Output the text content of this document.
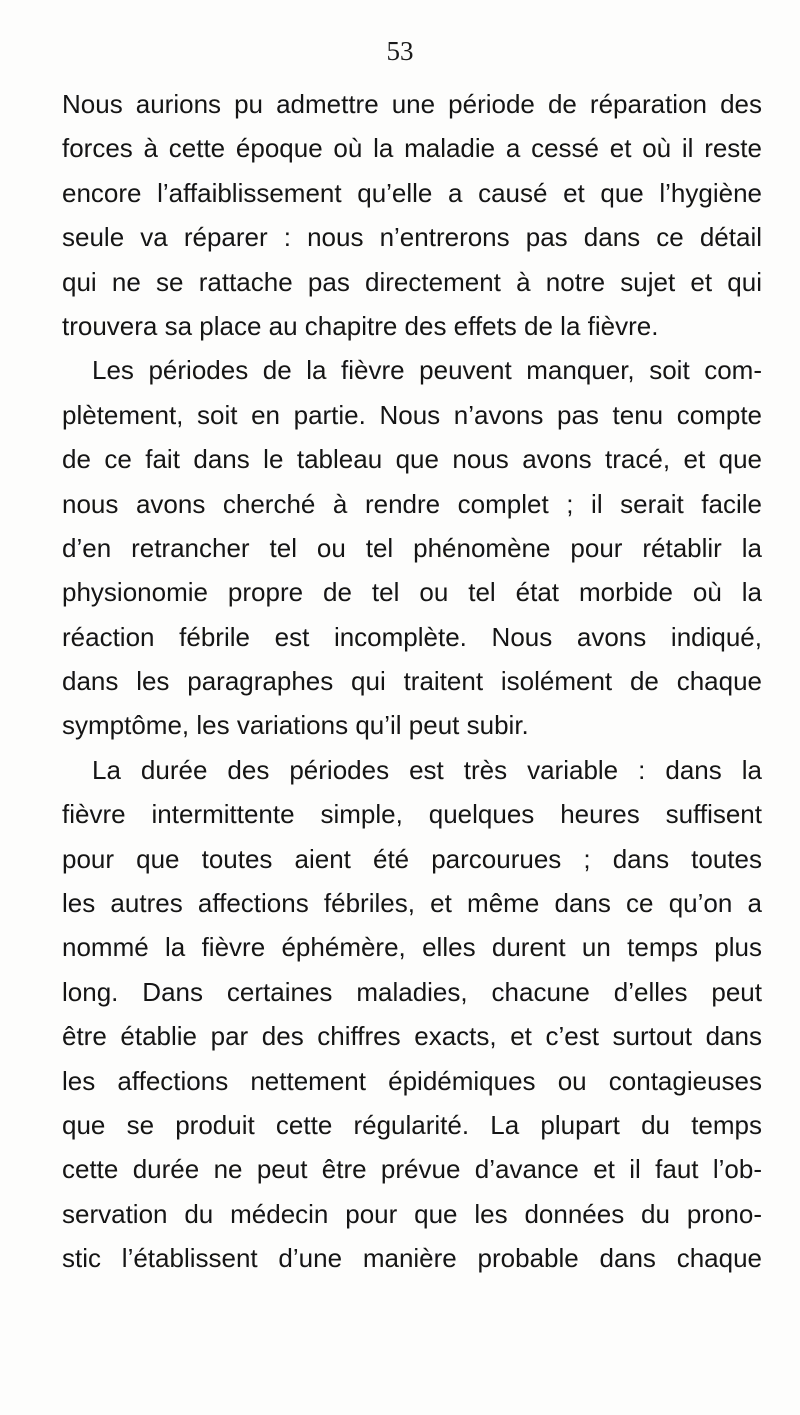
53
Nous aurions pu admettre une période de réparation des
forces à cette époque où la maladie a cessé et où il reste
encore l’affaiblissement qu’elle a causé et que l’hygiène
seule va réparer : nous n’entrerons pas dans ce détail
qui ne se rattache pas directement à notre sujet et qui
trouvera sa place au chapitre des effets de la fièvre.
Les périodes de la fièvre peuvent manquer, soit com-
plètement, soit en partie. Nous n’avons pas tenu compte
de ce fait dans le tableau que nous avons tracé, et que
nous avons cherché à rendre complet ; il serait facile
d’en retrancher tel ou tel phénomène pour rétablir la
physionomie propre de tel ou tel état morbide où la
réaction fébrile est incomplète. Nous avons indiqué,
dans les paragraphes qui traitent isolément de chaque
symptôme, les variations qu’il peut subir.
La durée des périodes est très variable : dans la
fièvre intermittente simple, quelques heures suffisent
pour que toutes aient été parcourues ; dans toutes
les autres affections fébriles, et même dans ce qu’on a
nommé la fièvre éphémère, elles durent un temps plus
long. Dans certaines maladies, chacune d’elles peut
être établie par des chiffres exacts, et c’est surtout dans
les affections nettement épidémiques ou contagieuses
que se produit cette régularité. La plupart du temps
cette durée ne peut être prévue d’avance et il faut l’ob-
servation du médecin pour que les données du prono-
stic l’établissent d’une manière probable dans chaque
